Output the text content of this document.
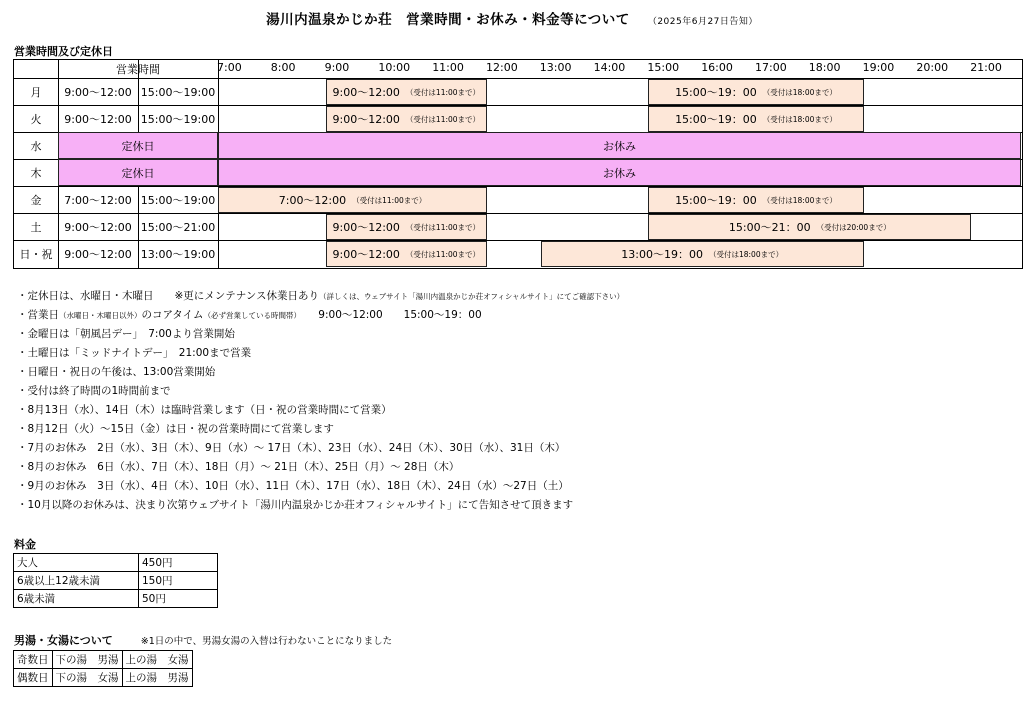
湯川内温泉かじか荘　営業時間・お休み・料金等について （2025年6月27日告知）
営業時間及び定休日
営業時間	7:00	8:00	9:00	10:00	11:00	12:00	13:00	14:00	15:00	16:00	17:00	18:00	19:00	20:00	21:00
月	9:00～12:00 15:00～19:00	9:00～12:00 （受付は11:00まで）	15:00～19：00 （受付は18:00まで）
火	9:00～12:00 15:00～19:00	9:00～12:00 （受付は11:00まで）	15:00～19：00 （受付は18:00まで）
水	定休日	お休み
木	定休日	お休み
金	7:00～12:00 15:00～19:00	7:00～12:00 （受付は11:00まで）	15:00～19：00 （受付は18:00まで）
土	9:00～12:00 15:00～21:00	9:00～12:00 （受付は11:00まで）	15:00～21：00 （受付は20:00まで）
日・祝	9:00～12:00 13:00～19:00	9:00～12:00 （受付は11:00まで）	13:00～19：00 （受付は18:00まで）
・定休日は、水曜日・木曜日　　※更にメンテナンス休業日あり（詳しくは、ウェブサイト「湯川内温泉かじか荘オフィシャルサイト」にてご確認下さい）
・営業日（水曜日・木曜日以外）のコアタイム（必ず営業している時間帯）　　9:00～12:00　　15:00～19：00
・金曜日は「朝風呂デー」　7:00より営業開始
・土曜日は「ミッドナイトデー」　21:00まで営業
・日曜日・祝日の午後は、13:00営業開始
・受付は終了時間の1時間前まで
・8月13日（水）、14日（木）は臨時営業します（日・祝の営業時間にて営業）
・8月12日（火）～15日（金）は日・祝の営業時間にて営業します
・7月のお休み　2日（水）、3日（木）、9日（水）～ 17日（木）、23日（水）、24日（木）、30日（水）、31日（木）
・8月のお休み　6日（水）、7日（木）、18日（月）～ 21日（木）、25日（月）～ 28日（木）
・9月のお休み　3日（水）、4日（木）、10日（水）、11日（木）、17日（水）、18日（木）、24日（水）～27日（土）
・10月以降のお休みは、決まり次第ウェブサイト「湯川内温泉かじか荘オフィシャルサイト」にて告知させて頂きます
料金
大人	450円
6歳以上12歳未満	150円
6歳未満	50円
男湯・女湯について	※1日の中で、男湯女湯の入替は行わないことになりました
奇数日	下の湯　男湯	上の湯　女湯
偶数日	下の湯　女湯	上の湯　男湯
